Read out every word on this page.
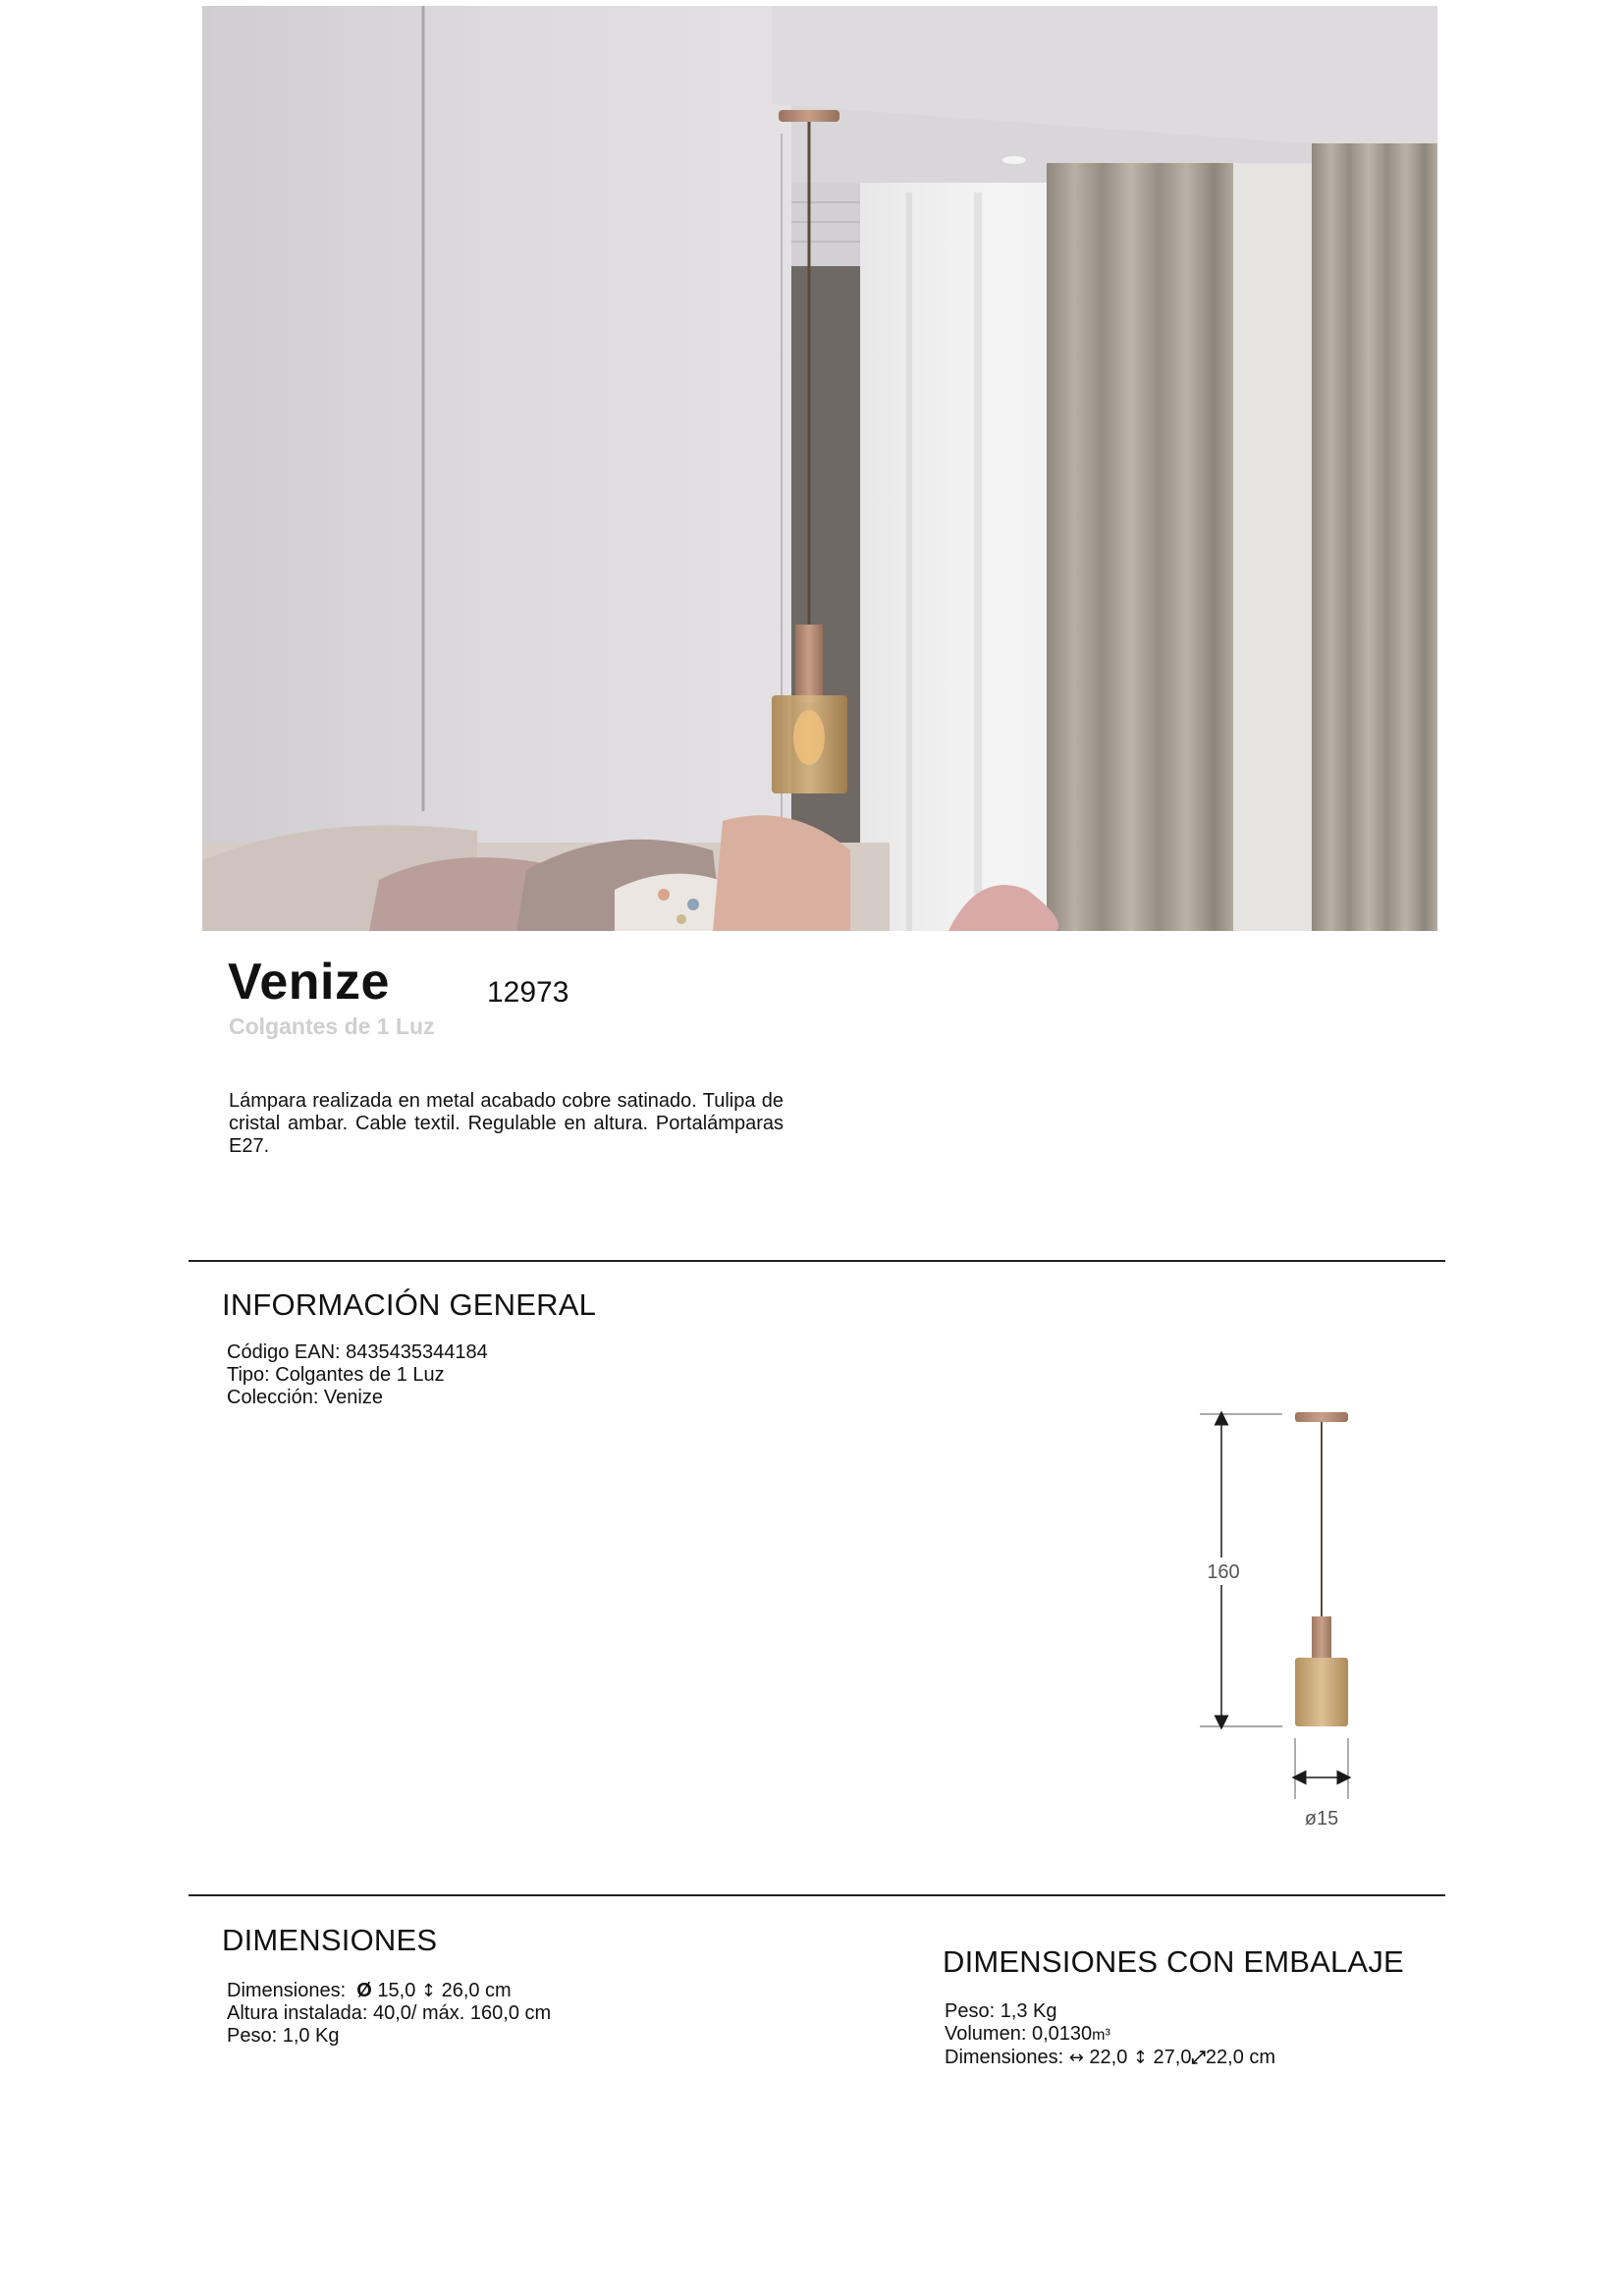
Venize	12973
Colgantes de 1 Luz
Lámpara realizada en metal acabado cobre satinado. Tulipa de cristal ambar. Cable textil. Regulable en altura. Portalámparas E27.
INFORMACIÓN GENERAL
Código EAN: 8435435344184
Tipo: Colgantes de 1 Luz
Colección: Venize
160
ø15
DIMENSIONES
Dimensiones: Ø 15,0 ↕ 26,0 cm
Altura instalada: 40,0/ máx. 160,0 cm
Peso: 1,0 Kg
DIMENSIONES CON EMBALAJE
Peso: 1,3 Kg
Volumen: 0,0130m³
Dimensiones: ↔ 22,0 ↕ 27,0⤢22,0 cm
